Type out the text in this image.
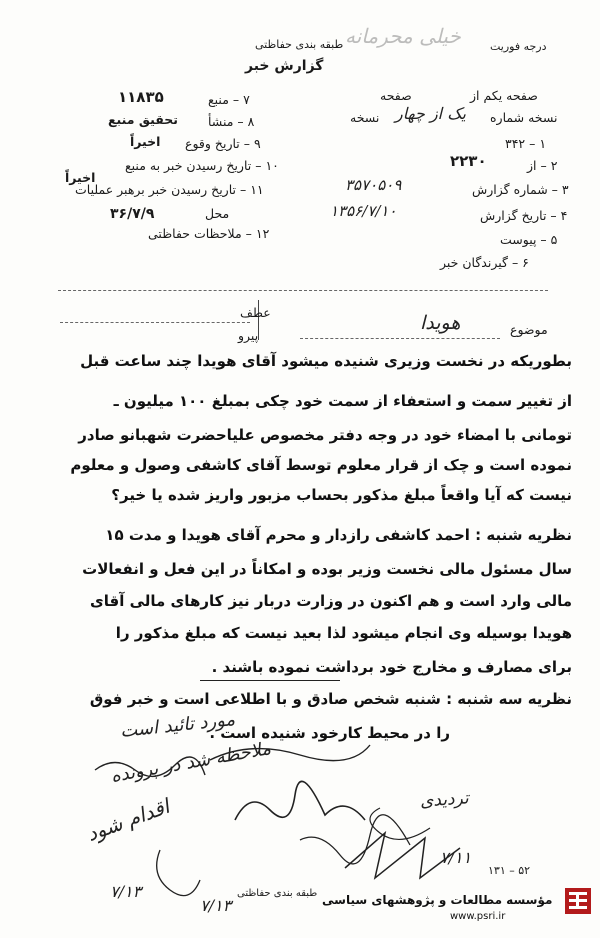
درجه فوریت
طبقه بندی حفاظتی خیلی محرمانه
گزارش خبر
صفحه یکم از
صفحه
نسخه شماره
یک از چهار
نسخه
۱ – ۳۴۲
۲ – از
۲۲۳۰
۳ – شماره گزارش
۳۵۷۰۵۰۹
۴ – تاریخ گزارش
۱۳۵۶/۷/۱۰
۵ – پیوست
۶ – گیرندگان خبر
۷ – منبع
۱۱۸۳۵
۸ – منشأ
تحقیق منبع
۹ – تاریخ وقوع
اخیراً
۱۰ – تاریخ رسیدن خبر به منبع
اخیراً
۱۱ – تاریخ رسیدن خبر برهبر عملیات
محل
۳۶/۷/۹
۱۲ – ملاحظات حفاظتی
عطف
پیرو	موضوع
هویدا
بطوریکه در نخست وزیری شنیده میشود آقای هویدا چند ساعت قبل
از تغییر سمت و استعفاء از سمت خود چکی بمبلغ ۱۰۰ میلیون ـ
تومانی با امضاء خود در وجه دفتر مخصوص علیاحضرت شهبانو صادر
نموده است و چک از قرار معلوم توسط آقای کاشفی وصول و معلوم
نیست که آیا واقعاً مبلغ مذکور بحساب مزبور واریز شده یا خیر؟
نظریه شنبه : احمد کاشفی رازدار و محرم آقای هویدا و مدت ۱۵
سال مسئول مالی نخست وزیر بوده و امکاناً در این فعل و انفعالات
مالی وارد است و هم اکنون در وزارت دربار نیز کارهای مالی آقای
هویدا بوسیله وی انجام میشود لذا بعید نیست که مبلغ مذکور را
برای مصارف و مخارج خود برداشت نموده باشند .
نظریه سه شنبه : شنبه شخص صادق و با اطلاعی است و خبر فوق
را در محیط کارخود شنیده است .
مورد تائید است
ملاحظه شد در پرونده
تردیدی
اقدام شود
۷/۱۳
۷/۱۳
۷/۱۱
طبقه بندی حفاظتی
۱۳۱ – ۵۲
مؤسسه مطالعات و پژوهشهای سیاسی
www.psri.ir
